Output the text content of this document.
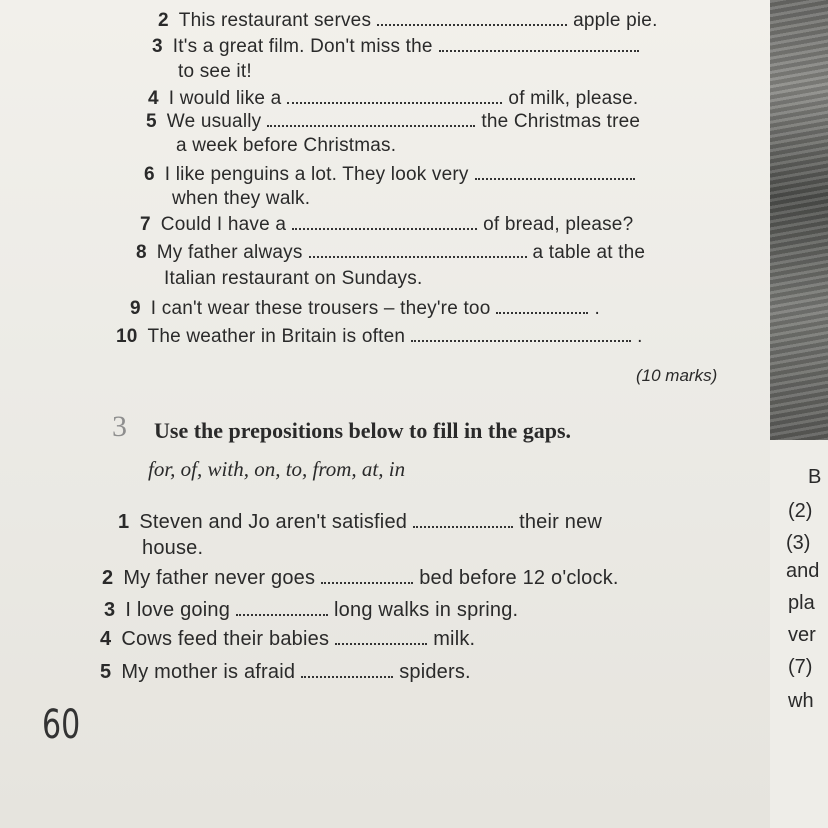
2 This restaurant serves	apple pie.
3 It's a great film. Don't miss the
to see it!
4 I would like a	of milk, please.
5 We usually	the Christmas tree
a week before Christmas.
6 I like penguins a lot. They look very
when they walk.
7 Could I have a	of bread, please?
8 My father always	a table at the
Italian restaurant on Sundays.
9 I can't wear these trousers – they're too	.
10 The weather in Britain is often	.
(10 marks)
3 Use the prepositions below to fill in the gaps.
for, of, with, on, to, from, at, in
1 Steven and Jo aren't satisfied	their new
house.
2 My father never goes	bed before 12 o'clock.
3 I love going	long walks in spring.
4 Cows feed their babies	milk.
5 My mother is afraid	spiders.
B
(2)
(3)
and
pla
ver
(7)
wh
60
